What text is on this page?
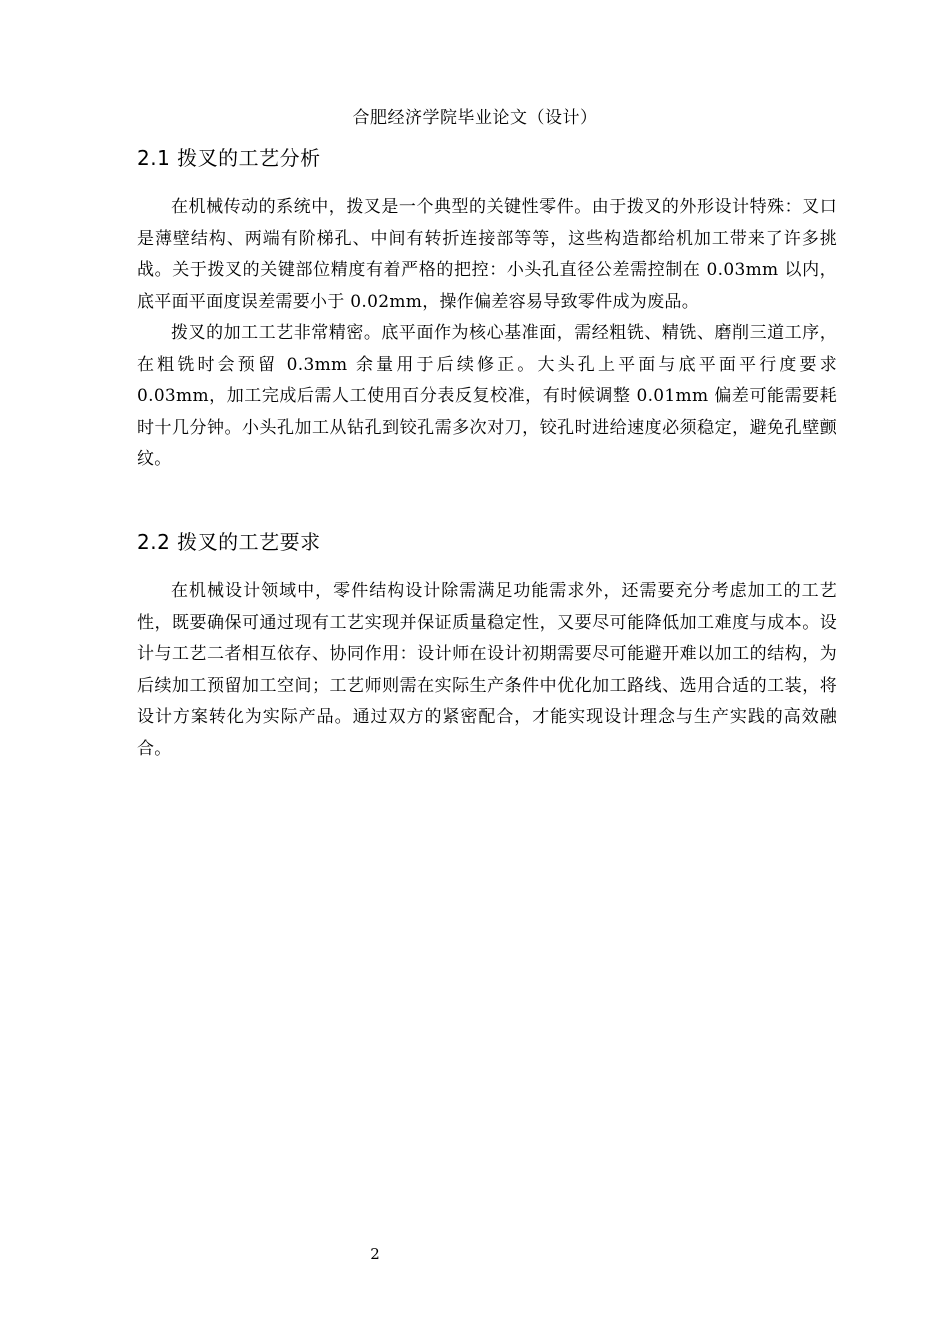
合肥经济学院毕业论文（设计）
2.1 拨叉的工艺分析

在机械传动的系统中，拨叉是一个典型的关键性零件。由于拨叉的外形设计特殊：叉口是薄壁结构、两端有阶梯孔、中间有转折连接部等等，这些构造都给机加工带来了许多挑战。关于拨叉的关键部位精度有着严格的把控：小头孔直径公差需控制在 0.03mm 以内，底平面平面度误差需要小于 0.02mm，操作偏差容易导致零件成为废品。

拨叉的加工工艺非常精密。底平面作为核心基准面，需经粗铣、精铣、磨削三道工序，在粗铣时会预留 0.3mm 余量用于后续修正。大头孔上平面与底平面平行度要求 0.03mm，加工完成后需人工使用百分表反复校准，有时候调整 0.01mm 偏差可能需要耗时十几分钟。小头孔加工从钻孔到铰孔需多次对刀，铰孔时进给速度必须稳定，避免孔壁颤纹。

2.2 拨叉的工艺要求

在机械设计领域中，零件结构设计除需满足功能需求外，还需要充分考虑加工的工艺性，既要确保可通过现有工艺实现并保证质量稳定性，又要尽可能降低加工难度与成本。设计与工艺二者相互依存、协同作用：设计师在设计初期需要尽可能避开难以加工的结构，为后续加工预留加工空间；工艺师则需在实际生产条件中优化加工路线、选用合适的工装，将设计方案转化为实际产品。通过双方的紧密配合，才能实现设计理念与生产实践的高效融合。

2
